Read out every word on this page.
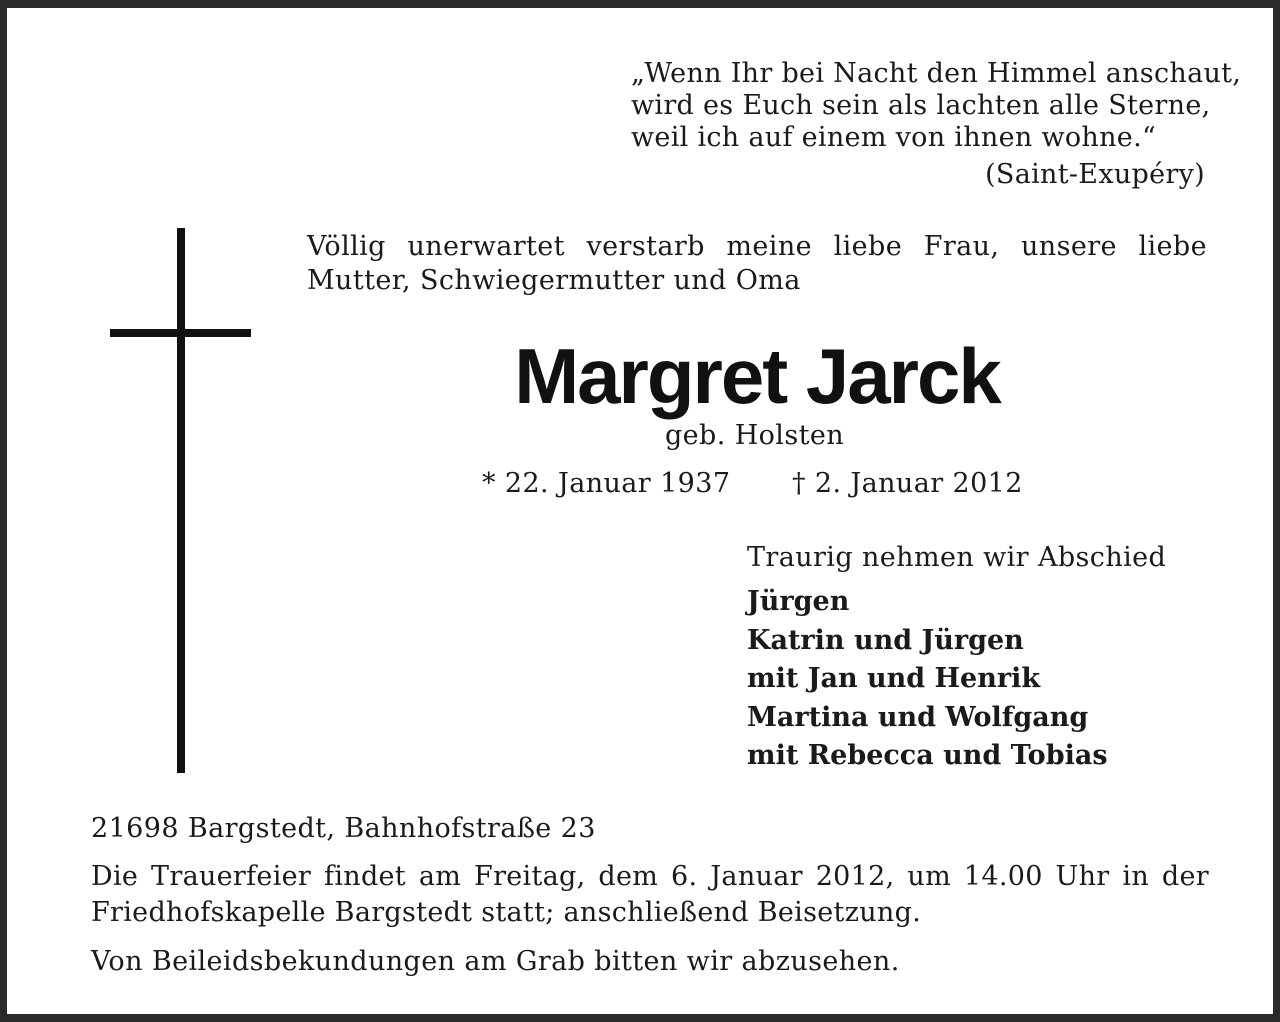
„Wenn Ihr bei Nacht den Himmel anschaut,
wird es Euch sein als lachten alle Sterne,
weil ich auf einem von ihnen wohne.“
(Saint-Exupéry)
Völlig unerwartet verstarb meine liebe Frau, unsere liebe Mutter, Schwiegermutter und Oma
Margret Jarck
geb. Holsten
* 22. Januar 1937 † 2. Januar 2012
Traurig nehmen wir Abschied
Jürgen
Katrin und Jürgen
mit Jan und Henrik
Martina und Wolfgang
mit Rebecca und Tobias
21698 Bargstedt, Bahnhofstraße 23
Die Trauerfeier findet am Freitag, dem 6. Januar 2012, um 14.00 Uhr in der Friedhofskapelle Bargstedt statt; anschließend Beisetzung.
Von Beileidsbekundungen am Grab bitten wir abzusehen.
